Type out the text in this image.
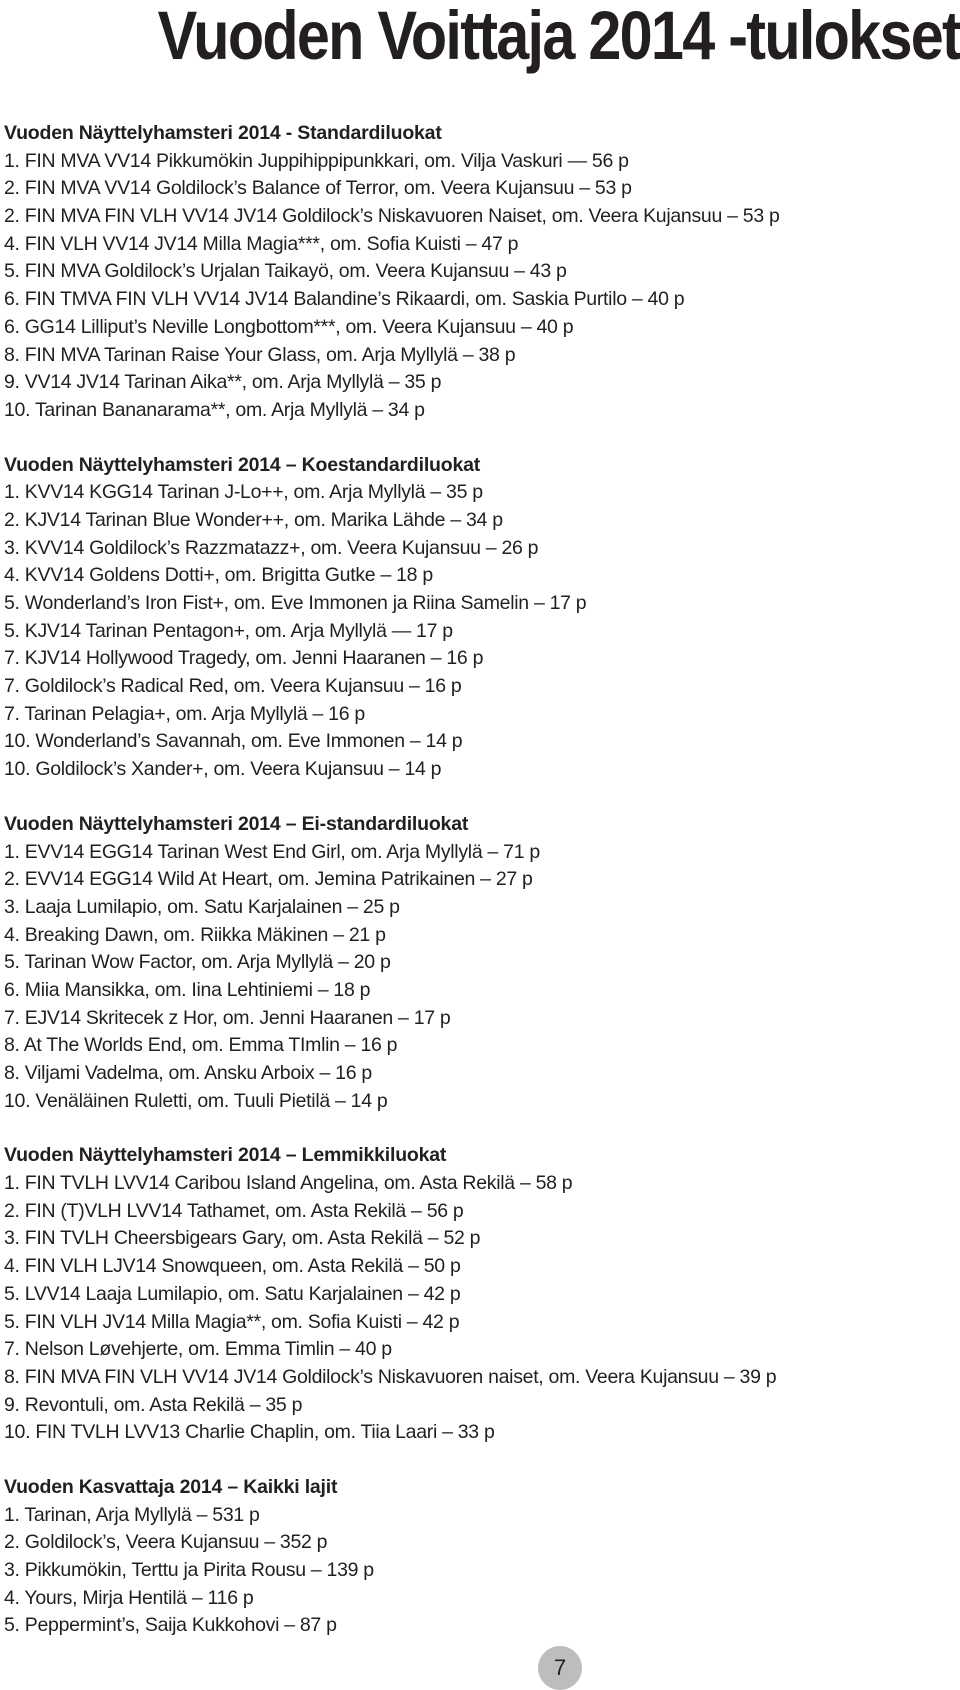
Vuoden Voittaja 2014 -tulokset
Vuoden Näyttelyhamsteri 2014 - Standardiluokat
1. FIN MVA VV14 Pikkumökin Juppihippipunkkari, om. Vilja Vaskuri — 56 p
2. FIN MVA VV14 Goldilock’s Balance of Terror, om. Veera Kujansuu – 53 p
2. FIN MVA FIN VLH VV14 JV14 Goldilock’s Niskavuoren Naiset, om. Veera Kujansuu – 53 p
4. FIN VLH VV14 JV14 Milla Magia***, om. Sofia Kuisti – 47 p
5. FIN MVA Goldilock’s Urjalan Taikayö, om. Veera Kujansuu – 43 p
6. FIN TMVA FIN VLH VV14 JV14 Balandine’s Rikaardi, om. Saskia Purtilo – 40 p
6. GG14 Lilliput’s Neville Longbottom***, om. Veera Kujansuu – 40 p
8. FIN MVA Tarinan Raise Your Glass, om. Arja Myllylä – 38 p
9. VV14 JV14 Tarinan Aika**, om. Arja Myllylä – 35 p
10. Tarinan Bananarama**, om. Arja Myllylä – 34 p
Vuoden Näyttelyhamsteri 2014 – Koestandardiluokat
1. KVV14 KGG14 Tarinan J-Lo++, om. Arja Myllylä – 35 p
2. KJV14 Tarinan Blue Wonder++, om. Marika Lähde – 34 p
3. KVV14 Goldilock’s Razzmatazz+, om. Veera Kujansuu – 26 p
4. KVV14 Goldens Dotti+, om. Brigitta Gutke – 18 p
5. Wonderland’s Iron Fist+, om. Eve Immonen ja Riina Samelin – 17 p
5. KJV14 Tarinan Pentagon+, om. Arja Myllylä — 17 p
7. KJV14 Hollywood Tragedy, om. Jenni Haaranen – 16 p
7. Goldilock’s Radical Red, om. Veera Kujansuu – 16 p
7. Tarinan Pelagia+, om. Arja Myllylä – 16 p
10. Wonderland’s Savannah, om. Eve Immonen – 14 p
10. Goldilock’s Xander+, om. Veera Kujansuu – 14 p
Vuoden Näyttelyhamsteri 2014 – Ei-standardiluokat
1. EVV14 EGG14 Tarinan West End Girl, om. Arja Myllylä – 71 p
2. EVV14 EGG14 Wild At Heart, om. Jemina Patrikainen – 27 p
3. Laaja Lumilapio, om. Satu Karjalainen – 25 p
4. Breaking Dawn, om. Riikka Mäkinen – 21 p
5. Tarinan Wow Factor, om. Arja Myllylä – 20 p
6. Miia Mansikka, om. Iina Lehtiniemi – 18 p
7. EJV14 Skritecek z Hor, om. Jenni Haaranen – 17 p
8. At The Worlds End, om. Emma TImlin – 16 p
8. Viljami Vadelma, om. Ansku Arboix – 16 p
10. Venäläinen Ruletti, om. Tuuli Pietilä – 14 p
Vuoden Näyttelyhamsteri 2014 – Lemmikkiluokat
1. FIN TVLH LVV14 Caribou Island Angelina, om. Asta Rekilä – 58 p
2. FIN (T)VLH LVV14 Tathamet, om. Asta Rekilä – 56 p
3. FIN TVLH Cheersbigears Gary, om. Asta Rekilä – 52 p
4. FIN VLH LJV14 Snowqueen, om. Asta Rekilä – 50 p
5. LVV14 Laaja Lumilapio, om. Satu Karjalainen – 42 p
5. FIN VLH JV14 Milla Magia**, om. Sofia Kuisti – 42 p
7. Nelson Løvehjerte, om. Emma Timlin – 40 p
8. FIN MVA FIN VLH VV14 JV14 Goldilock’s Niskavuoren naiset, om. Veera Kujansuu – 39 p
9. Revontuli, om. Asta Rekilä – 35 p
10. FIN TVLH LVV13 Charlie Chaplin, om. Tiia Laari – 33 p
Vuoden Kasvattaja 2014 – Kaikki lajit
1. Tarinan, Arja Myllylä – 531 p
2. Goldilock’s, Veera Kujansuu – 352 p
3. Pikkumökin, Terttu ja Pirita Rousu – 139 p
4. Yours, Mirja Hentilä – 116 p
5. Peppermint’s, Saija Kukkohovi – 87 p
7
